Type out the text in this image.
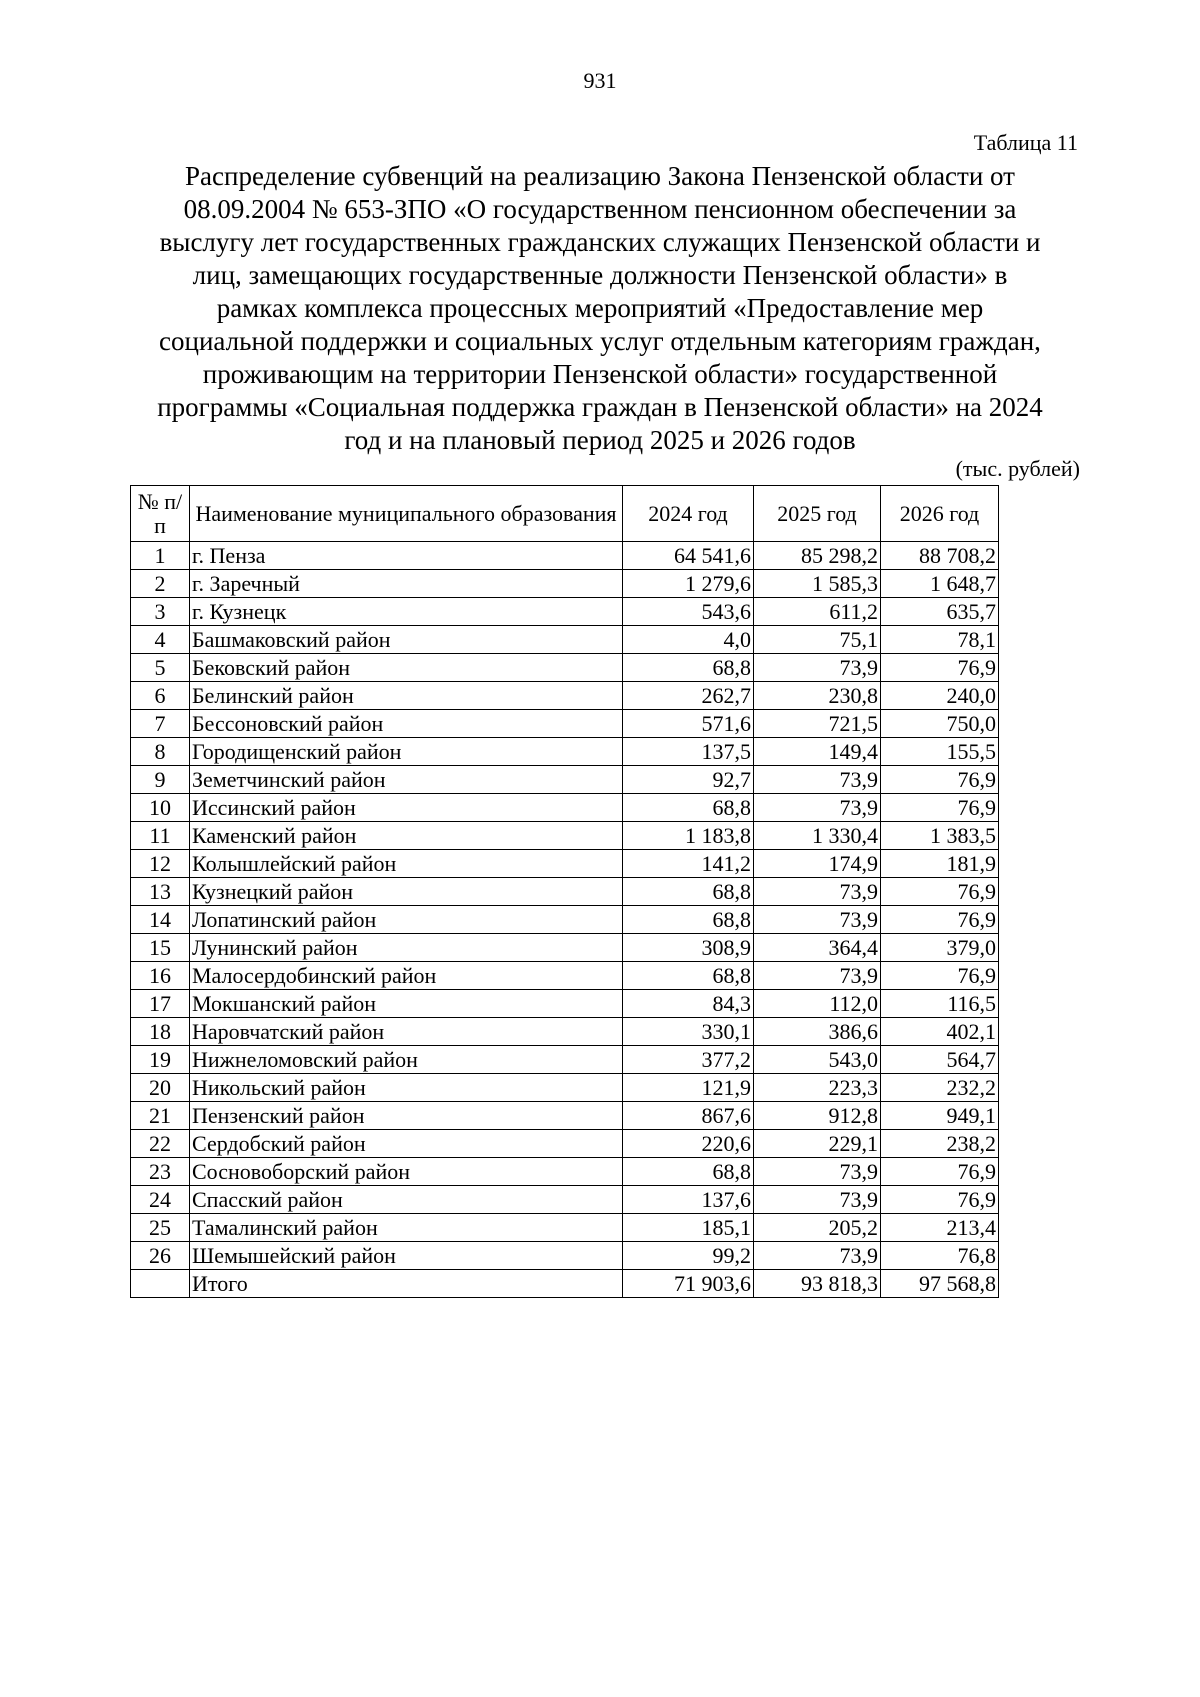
931
Таблица 11
Распределение субвенций на реализацию Закона Пензенской области от
08.09.2004 № 653-ЗПО «О государственном пенсионном обеспечении за
выслугу лет государственных гражданских служащих Пензенской области и
лиц, замещающих государственные должности Пензенской области» в
рамках комплекса процессных мероприятий «Предоставление мер
социальной поддержки и социальных услуг отдельным категориям граждан,
проживающим на территории Пензенской области» государственной
программы «Социальная поддержка граждан в Пензенской области» на 2024
год и на плановый период 2025 и 2026 годов
(тыс. рублей)
№ п/п	Наименование муниципального образования	2024 год	2025 год	2026 год
1	г. Пенза	64 541,6	85 298,2	88 708,2
2	г. Заречный	1 279,6	1 585,3	1 648,7
3	г. Кузнецк	543,6	611,2	635,7
4	Башмаковский район	4,0	75,1	78,1
5	Бековский район	68,8	73,9	76,9
6	Белинский район	262,7	230,8	240,0
7	Бессоновский район	571,6	721,5	750,0
8	Городищенский район	137,5	149,4	155,5
9	Земетчинский район	92,7	73,9	76,9
10	Иссинский район	68,8	73,9	76,9
11	Каменский район	1 183,8	1 330,4	1 383,5
12	Колышлейский район	141,2	174,9	181,9
13	Кузнецкий район	68,8	73,9	76,9
14	Лопатинский район	68,8	73,9	76,9
15	Лунинский район	308,9	364,4	379,0
16	Малосердобинский район	68,8	73,9	76,9
17	Мокшанский район	84,3	112,0	116,5
18	Наровчатский район	330,1	386,6	402,1
19	Нижнеломовский район	377,2	543,0	564,7
20	Никольский район	121,9	223,3	232,2
21	Пензенский район	867,6	912,8	949,1
22	Сердобский район	220,6	229,1	238,2
23	Сосновоборский район	68,8	73,9	76,9
24	Спасский район	137,6	73,9	76,9
25	Тамалинский район	185,1	205,2	213,4
26	Шемышейский район	99,2	73,9	76,8
	Итого	71 903,6	93 818,3	97 568,8
